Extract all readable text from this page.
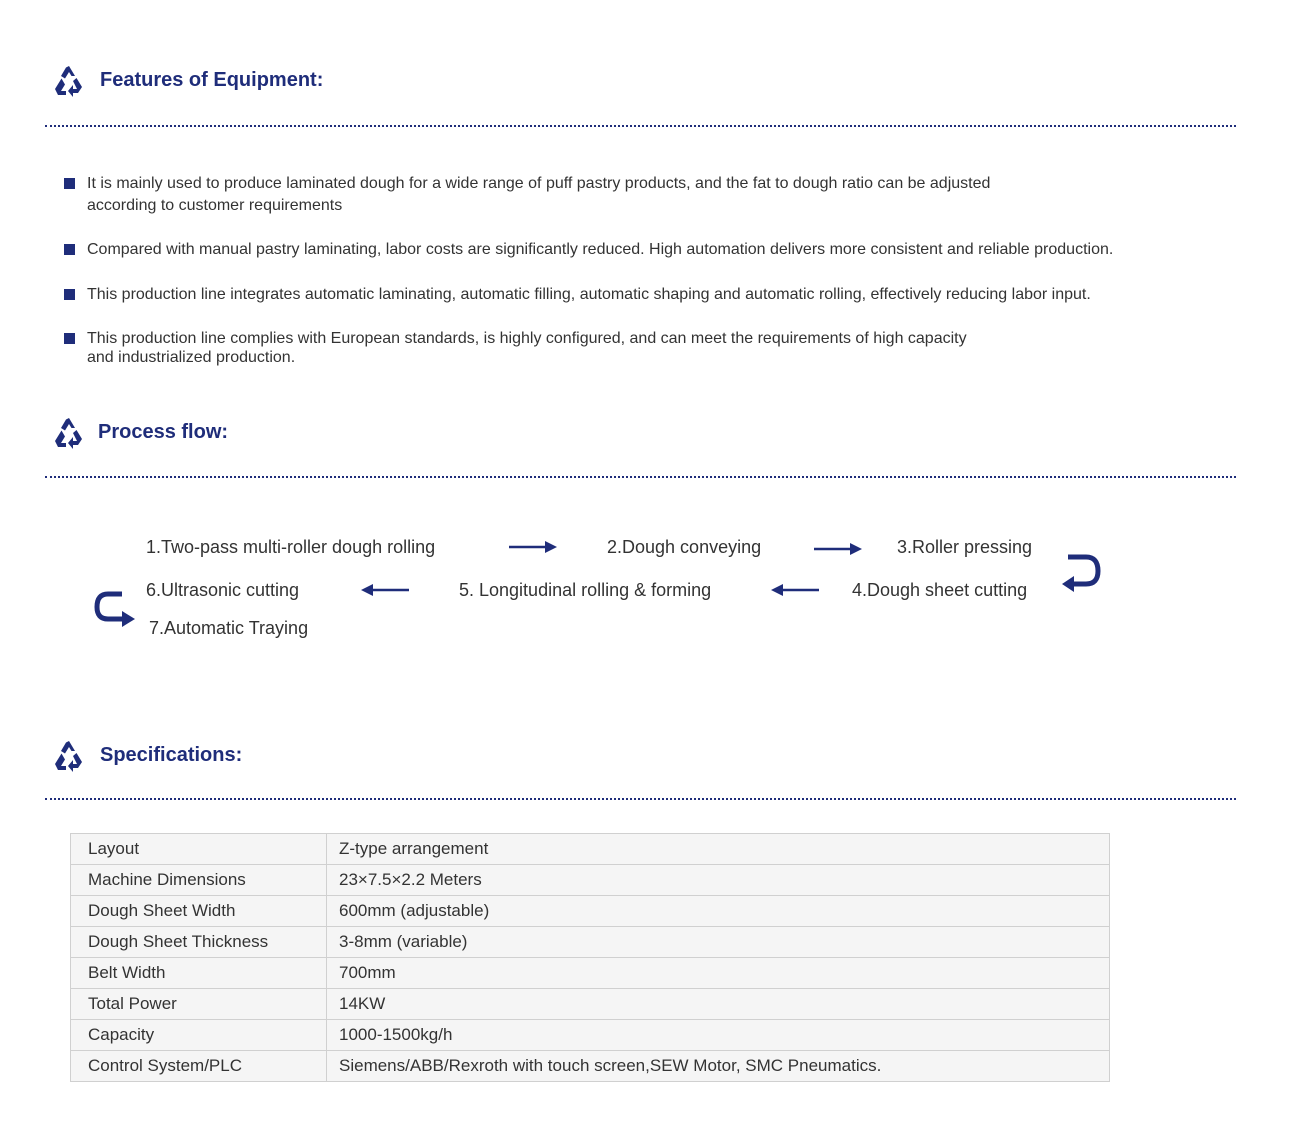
Features of Equipment:
It is mainly used to produce laminated dough for a wide range of puff pastry products, and the fat to dough ratio can be adjusted
according to customer requirements
Compared with manual pastry laminating, labor costs are significantly reduced. High automation delivers more consistent and reliable production.
This production line integrates automatic laminating, automatic filling, automatic shaping and automatic rolling, effectively reducing labor input.
This production line complies with European standards, is highly configured, and can meet the requirements of high capacity
and industrialized production.
Process flow:
1.Two-pass multi-roller dough rolling	2.Dough conveying	3.Roller pressing
6.Ultrasonic cutting	5. Longitudinal rolling & forming	4.Dough sheet cutting
7.Automatic Traying
Specifications:
Layout	Z-type arrangement
Machine Dimensions	23×7.5×2.2 Meters
Dough Sheet Width	600mm (adjustable)
Dough Sheet Thickness	3-8mm (variable)
Belt Width	700mm
Total Power	14KW
Capacity	1000-1500kg/h
Control System/PLC	Siemens/ABB/Rexroth with touch screen,SEW Motor, SMC Pneumatics.
